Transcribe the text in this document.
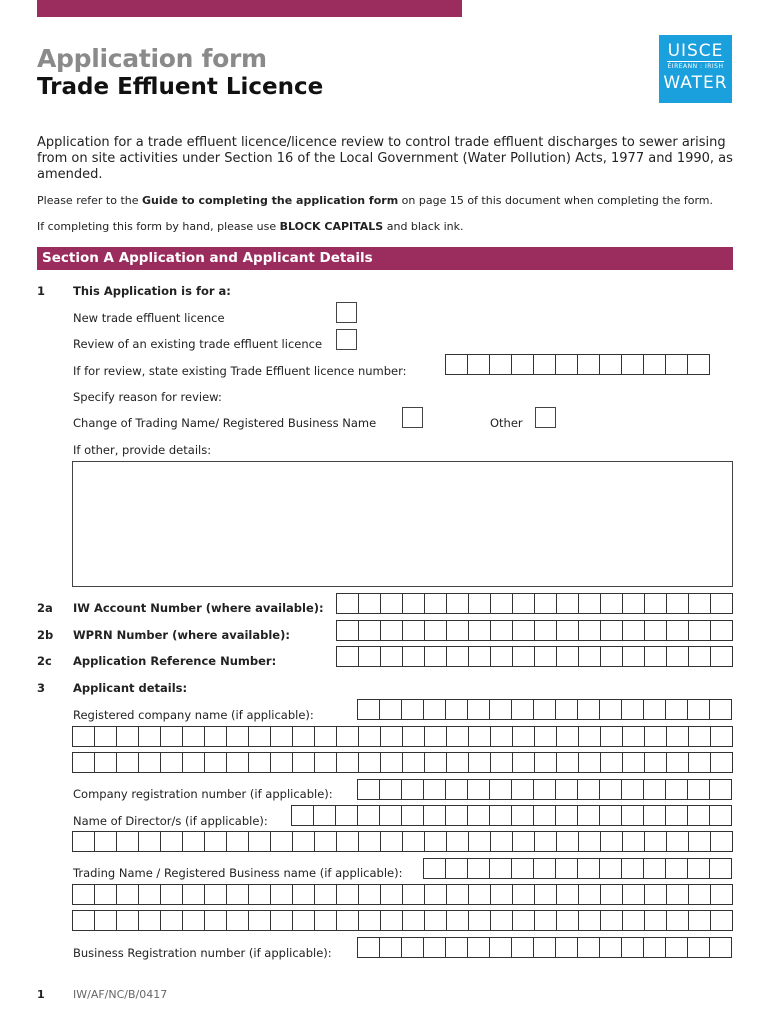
Application form
Trade Effluent Licence
UISCE
ÉIREANN : IRISH
WATER
Application for a trade effluent licence/licence review to control trade effluent discharges to sewer arising from on site activities under Section 16 of the Local Government (Water Pollution) Acts, 1977 and 1990, as amended.
Please refer to the Guide to completing the application form on page 15 of this document when completing the form.
If completing this form by hand, please use BLOCK CAPITALS and black ink.
Section A Application and Applicant Details
1 This Application is for a:
New trade effluent licence
Review of an existing trade effluent licence
If for review, state existing Trade Effluent licence number:
Specify reason for review:
Change of Trading Name/ Registered Business Name	Other
If other, provide details:
2a IW Account Number (where available):
2b WPRN Number (where available):
2c Application Reference Number:
3 Applicant details:
Registered company name (if applicable):
Company registration number (if applicable):
Name of Director/s (if applicable):
Trading Name / Registered Business name (if applicable):
Business Registration number (if applicable):
1	IW/AF/NC/B/0417
